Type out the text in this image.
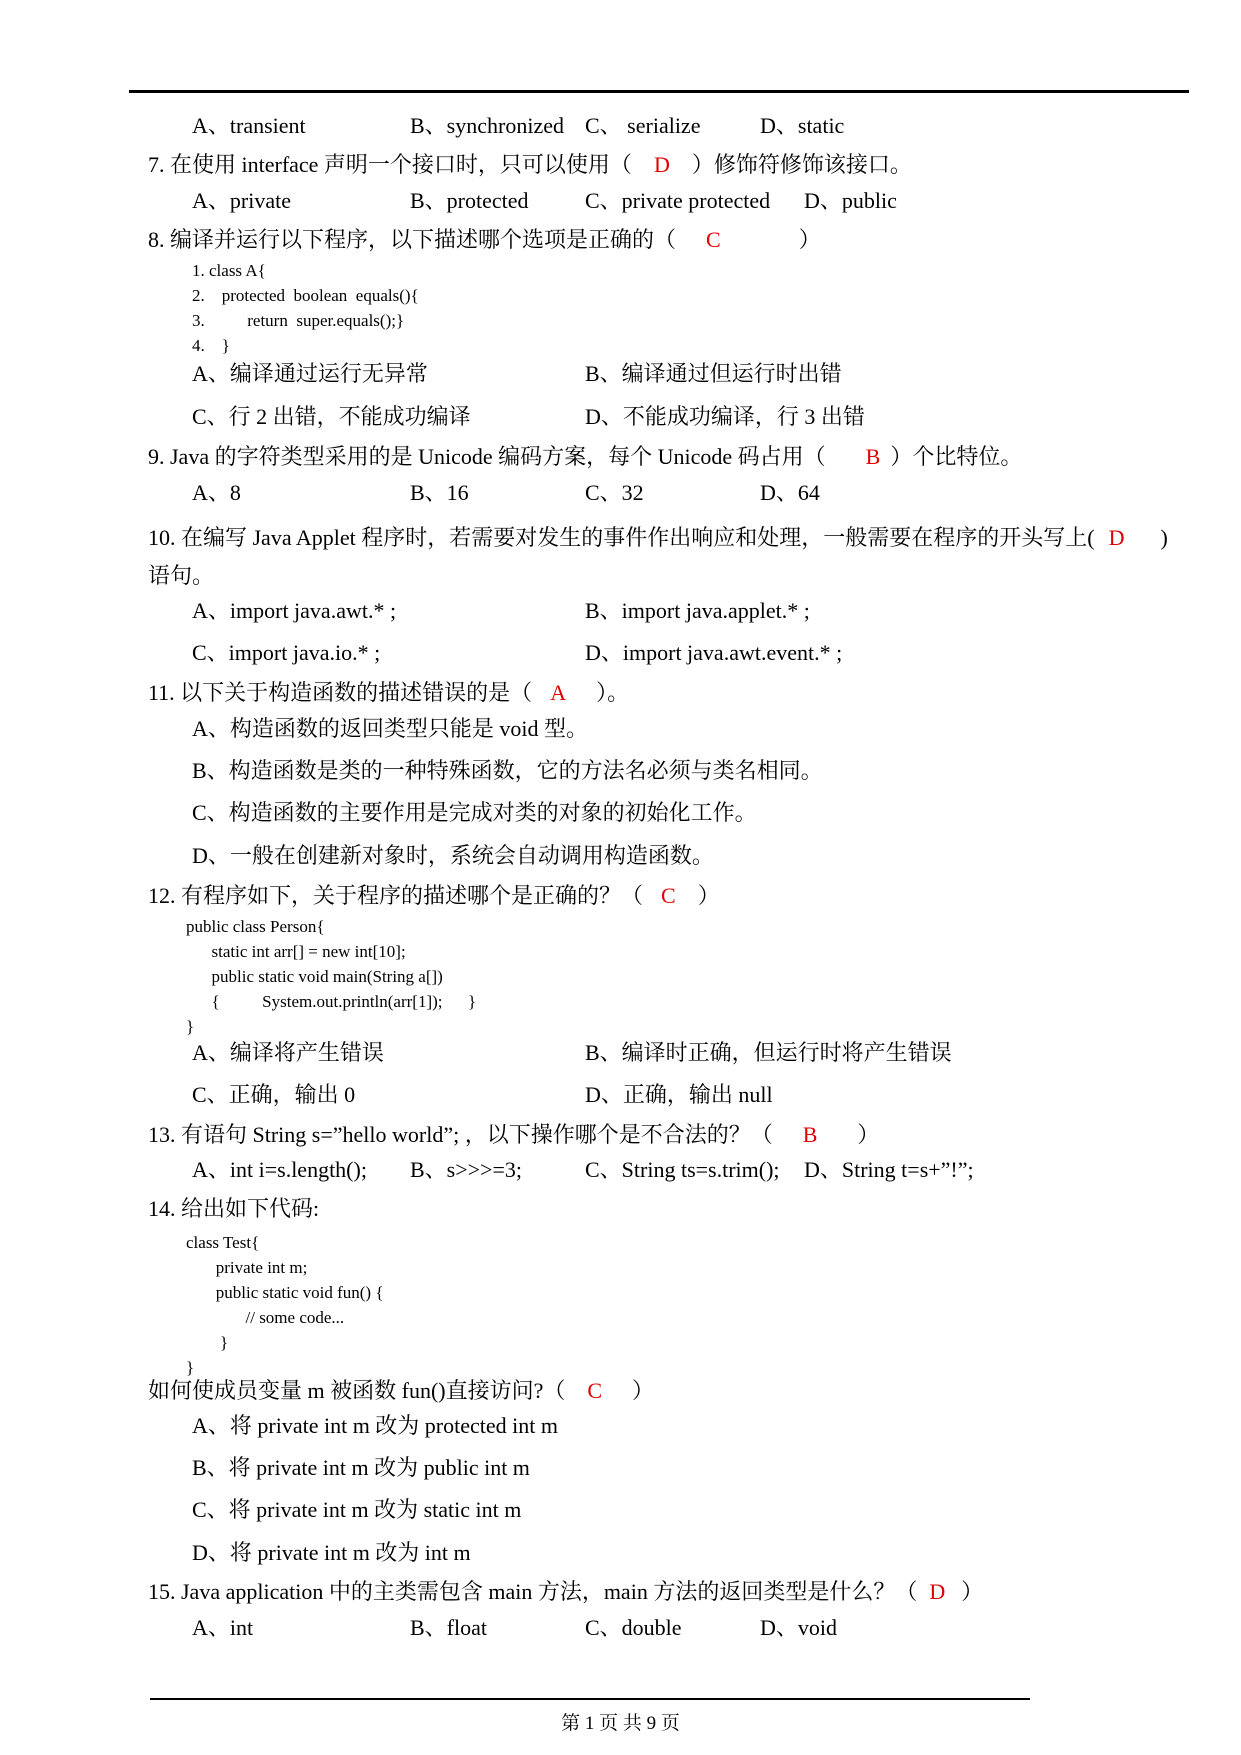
A、transient	B、synchronized C、 serialize	D、static
7. 在使用 interface 声明一个接口时，只可以使用（ D ）修饰符修饰该接口。
A、private	B、protected	C、private protected D、public
8. 编译并运行以下程序，以下描述哪个选项是正确的（ C	）
1. class A{
2.    protected  boolean  equals(){
3.          return  super.equals();}
4.    }
A、编译通过运行无异常	B、编译通过但运行时出错
C、行 2 出错，不能成功编译	D、不能成功编译，行 3 出错
9. Java 的字符类型采用的是 Unicode 编码方案，每个 Unicode 码占用（ B ）个比特位。
A、8	B、16	C、32	D、64
10. 在编写 Java Applet 程序时，若需要对发生的事件作出响应和处理，一般需要在程序的开头写上( D )
语句。
A、import java.awt.* ;	B、import java.applet.* ;
C、import java.io.* ;	D、import java.awt.event.* ;
11. 以下关于构造函数的描述错误的是（ A ）。
A、构造函数的返回类型只能是 void 型。
B、构造函数是类的一种特殊函数，它的方法名必须与类名相同。
C、构造函数的主要作用是完成对类的对象的初始化工作。
D、一般在创建新对象时，系统会自动调用构造函数。
12. 有程序如下，关于程序的描述哪个是正确的？（ C ）
public class Person{
static int arr[] = new int[10];
public static void main(String a[])
{          System.out.println(arr[1]);      }
}
A、编译将产生错误	B、编译时正确，但运行时将产生错误
C、正确，输出 0	D、正确，输出 null
13. 有语句 String s=”hello world”; ，以下操作哪个是不合法的？（ B ）
A、int i=s.length(); B、s>>>=3;	C、String ts=s.trim(); D、String t=s+”!”;
14. 给出如下代码:
class Test{
private int m;
public static void fun() {
// some code...
}
}
如何使成员变量 m 被函数 fun()直接访问?（ C ）
A、将 private int m 改为 protected int m
B、将 private int m 改为 public int m
C、将 private int m 改为 static int m
D、将 private int m 改为 int m
15. Java application 中的主类需包含 main 方法，main 方法的返回类型是什么？（ D ）
A、int	B、float	C、double	D、void
第 1 页 共 9 页
